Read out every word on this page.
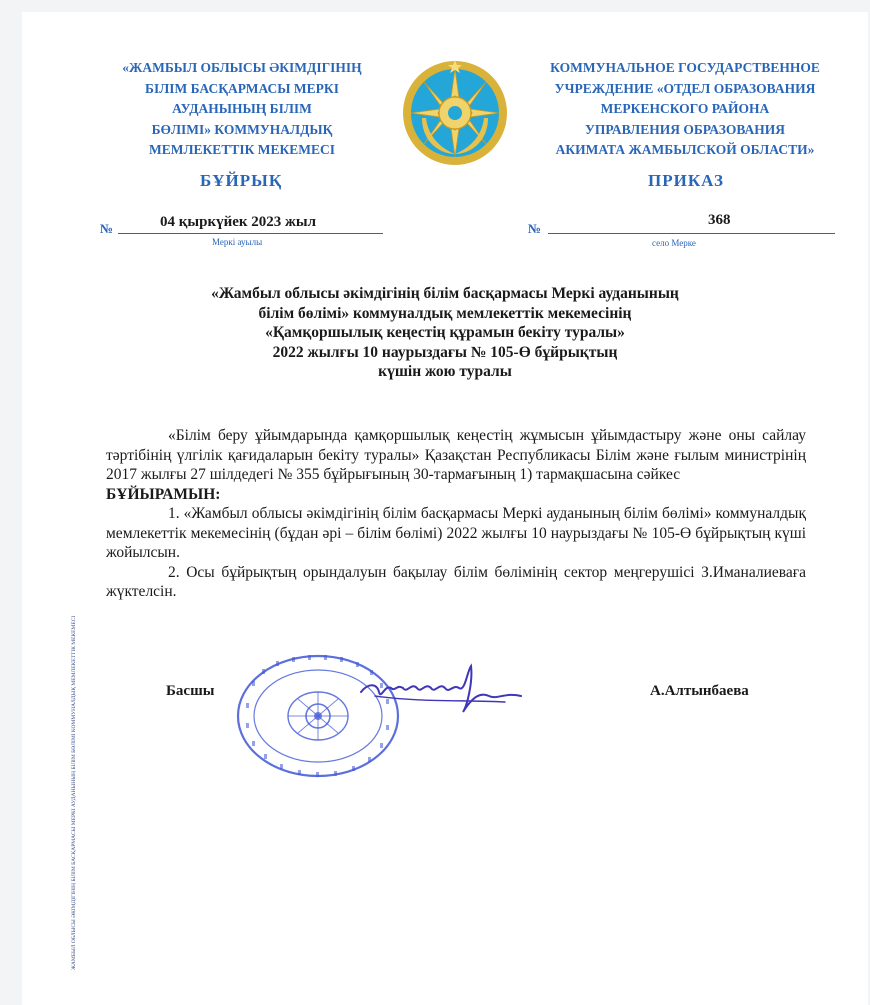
«ЖАМБЫЛ ОБЛЫСЫ ӘКІМДІГІНІҢ
БІЛІМ БАСҚАРМАСЫ МЕРКІ
АУДАНЫНЫҢ БІЛІМ
БӨЛІМІ» КОММУНАЛДЫҚ
МЕМЛЕКЕТТІК МЕКЕМЕСІ
КОММУНАЛЬНОЕ ГОСУДАРСТВЕННОЕ
УЧРЕЖДЕНИЕ «ОТДЕЛ ОБРАЗОВАНИЯ
МЕРКЕНСКОГО РАЙОНА
УПРАВЛЕНИЯ ОБРАЗОВАНИЯ
АКИМАТА ЖАМБЫЛСКОЙ ОБЛАСТИ»
БҰЙРЫҚ	ПРИКАЗ
№	04 қыркүйек 2023 жыл
Меркі ауылы
№
368
село Мерке
«Жамбыл облысы әкімдігінің білім басқармасы Меркі ауданының
білім бөлімі» коммуналдық мемлекеттік мекемесінің
«Қамқоршылық кеңестің құрамын бекіту туралы»
2022 жылғы 10 наурыздағы № 105-Ө бұйрықтың
күшін жою туралы

«Білім беру ұйымдарында қамқоршылық кеңестің жұмысын ұйымдастыру және оны сайлау тәртібінің үлгілік қағидаларын бекіту туралы» Қазақстан Республикасы Білім және ғылым министрінің 2017 жылғы 27 шілдедегі № 355 бұйрығының 30-тармағының 1) тармақшасына сәйкес

БҰЙЫРАМЫН:

1. «Жамбыл облысы әкімдігінің білім басқармасы Меркі ауданының білім бөлімі» коммуналдық мемлекеттік мекемесінің (бұдан әрі – білім бөлімі) 2022 жылғы 10 наурыздағы № 105-Ө бұйрықтың күші жойылсын.

2. Осы бұйрықтың орындалуын бақылау білім бөлімінің сектор меңгерушісі З.Иманалиеваға жүктелсін.

Басшы	А.Алтынбаева
ЖАМБЫЛ ОБЛЫСЫ ӘКІМДІГІНІҢ БІЛІМ БАСҚАРМАСЫ МЕРКІ АУДАНЫНЫҢ БІЛІМ БӨЛІМІ КОММУНАЛДЫҚ МЕМЛЕКЕТТІК МЕКЕМЕСІ
